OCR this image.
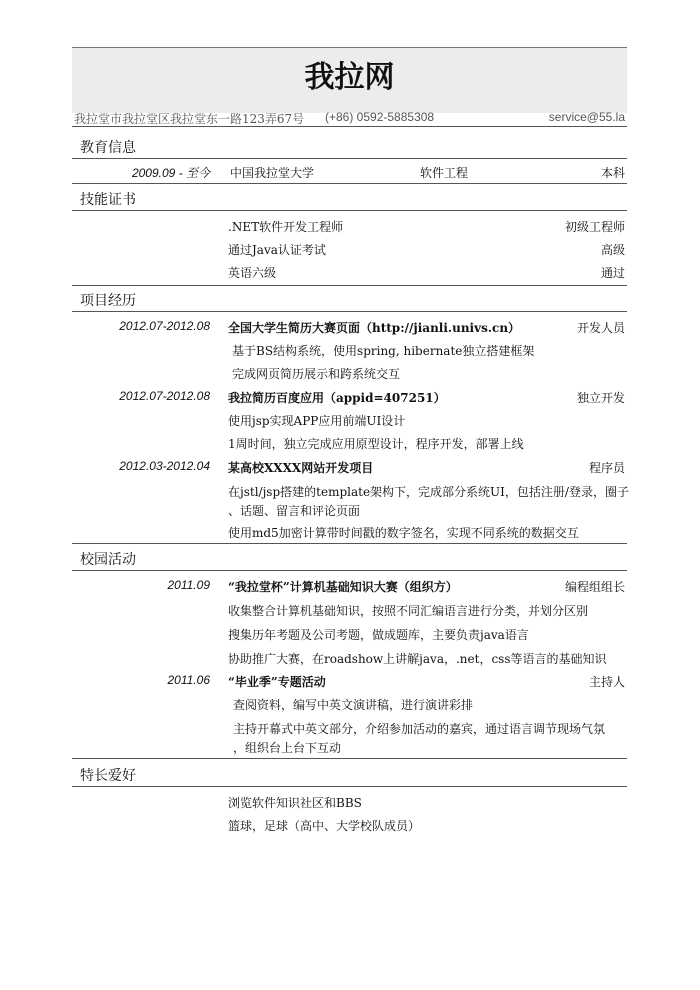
我拉网
我拉堂市我拉堂区我拉堂东一路123弄67号 (+86) 0592-5885308	service@55.la
教育信息
2009.09 - 至今 中国我拉堂大学	软件工程	本科
技能证书
.NET软件开发工程师	初级工程师
通过Java认证考试	高级
英语六级	通过
项目经历
2012.07-2012.08 全国大学生简历大赛页面（http://jianli.univs.cn）	开发人员
基于BS结构系统，使用spring, hibernate独立搭建框架
完成网页简历展示和跨系统交互
2012.07-2012.08 我拉简历百度应用（appid=407251）	独立开发
使用jsp实现APP应用前端UI设计
1周时间，独立完成应用原型设计，程序开发，部署上线
2012.03-2012.04 某高校XXXX网站开发项目	程序员
在jstl/jsp搭建的template架构下，完成部分系统UI，包括注册/登录，圈子
、话题、留言和评论页面
使用md5加密计算带时间戳的数字签名，实现不同系统的数据交互
校园活动
2011.09 “我拉堂杯”计算机基础知识大赛（组织方）	编程组组长
收集整合计算机基础知识，按照不同汇编语言进行分类，并划分区别
搜集历年考题及公司考题，做成题库，主要负责java语言
协助推广大赛，在roadshow上讲解java，.net，css等语言的基础知识
2011.06 “毕业季”专题活动	主持人
查阅资料，编写中英文演讲稿，进行演讲彩排
主持开幕式中英文部分，介绍参加活动的嘉宾，通过语言调节现场气氛
，组织台上台下互动
特长爱好
浏览软件知识社区和BBS
篮球，足球（高中、大学校队成员）
